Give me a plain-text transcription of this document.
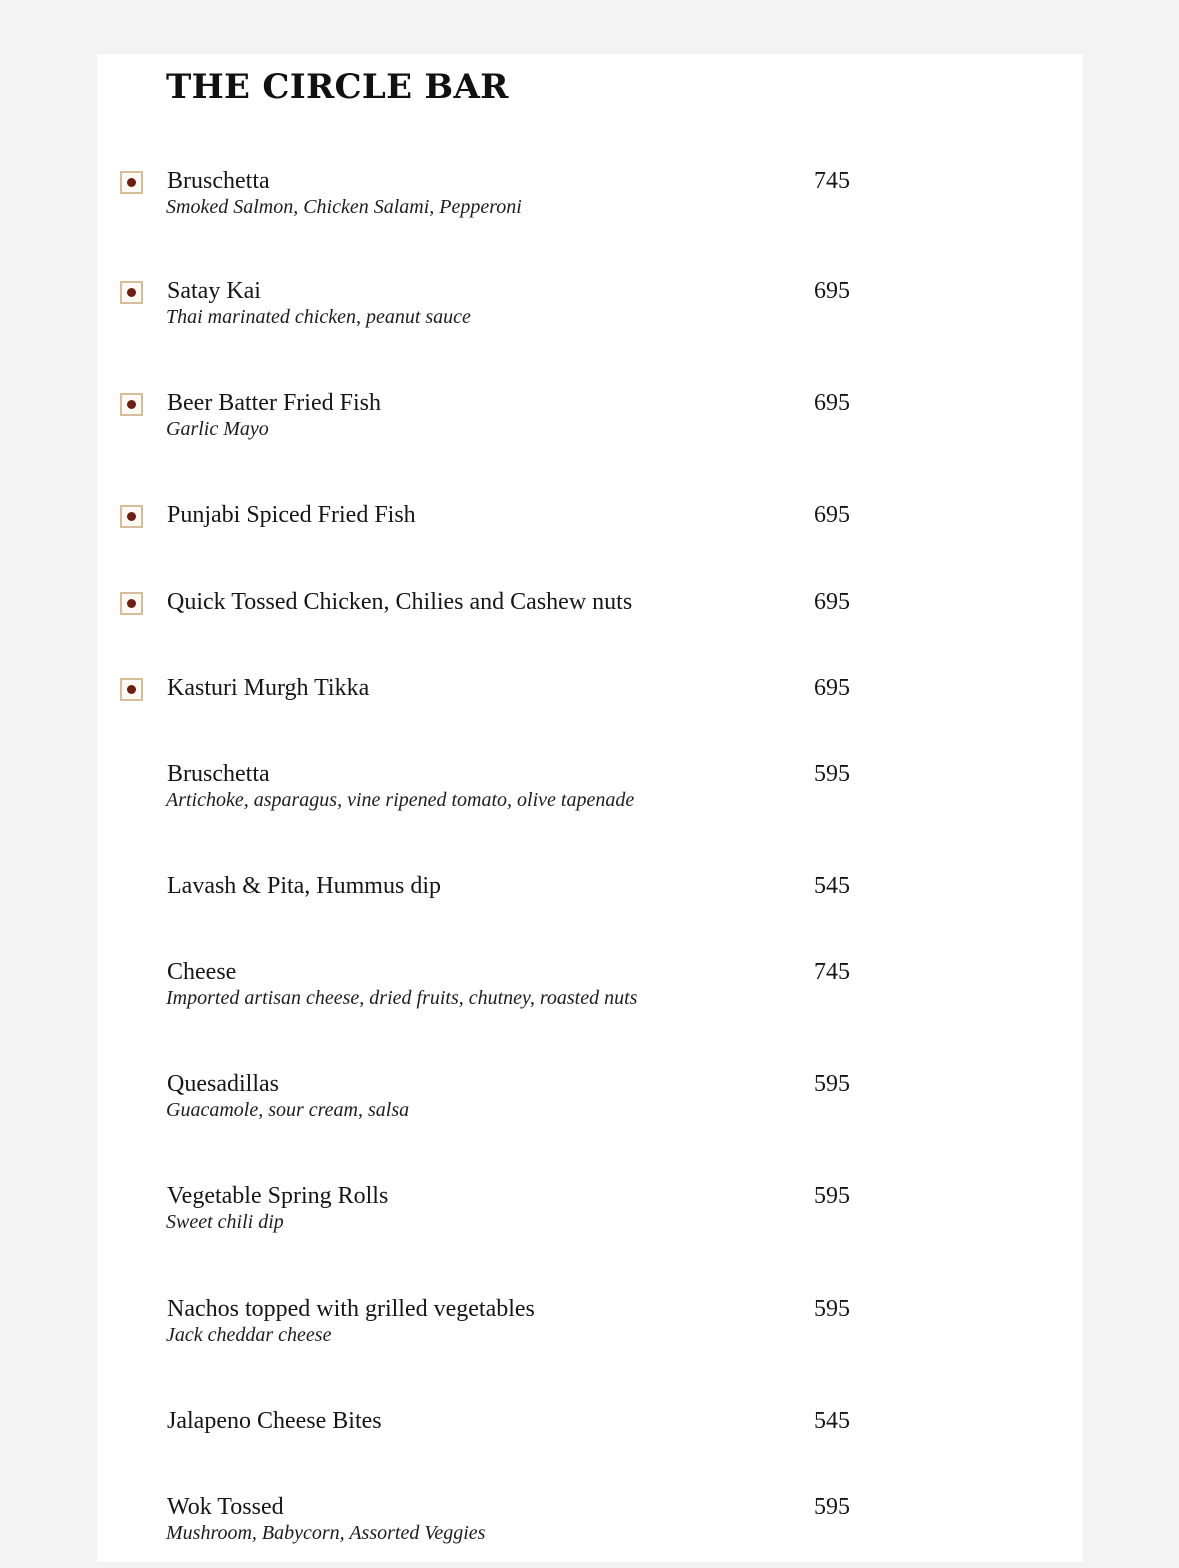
THE CIRCLE BAR
Bruschetta
Smoked Salmon, Chicken Salami, Pepperoni
745
Satay Kai
Thai marinated chicken, peanut sauce
695
Beer Batter Fried Fish
Garlic Mayo
695
Punjabi Spiced Fried Fish	695
Quick Tossed Chicken, Chilies and Cashew nuts	695
Kasturi Murgh Tikka	695
Bruschetta
Artichoke, asparagus, vine ripened tomato, olive tapenade
595
Lavash & Pita, Hummus dip	545
Cheese
Imported artisan cheese, dried fruits, chutney, roasted nuts
745
Quesadillas
Guacamole, sour cream, salsa
595
Vegetable Spring Rolls
Sweet chili dip
595
Nachos topped with grilled vegetables
Jack cheddar cheese
595
Jalapeno Cheese Bites	545
Wok Tossed
Mushroom, Babycorn, Assorted Veggies
595
